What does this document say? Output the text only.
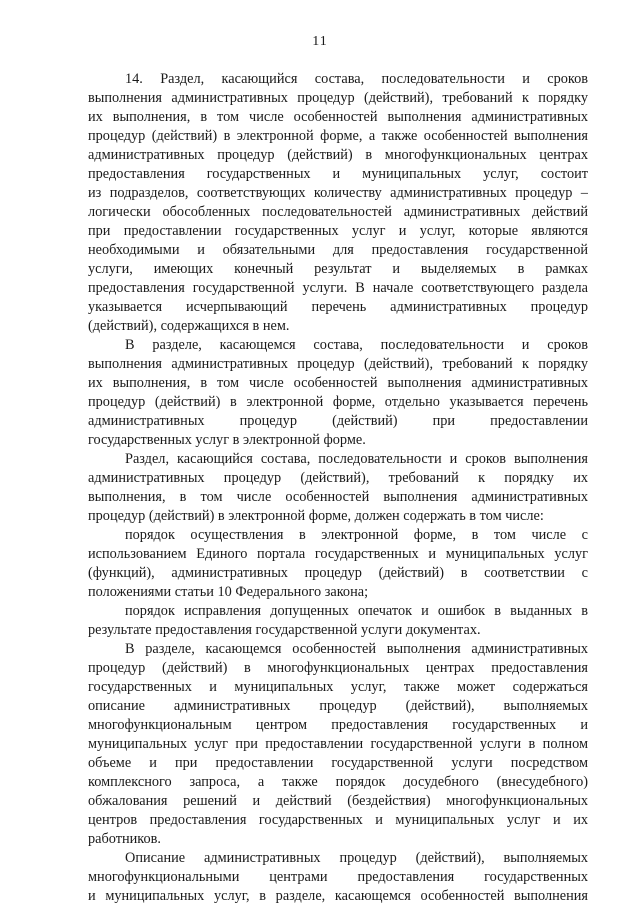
11
14. Раздел, касающийся состава, последовательности и сроков
выполнения административных процедур (действий), требований к порядку
их выполнения, в том числе особенностей выполнения административных
процедур (действий) в электронной форме, а также особенностей выполнения
административных процедур (действий) в многофункциональных центрах
предоставления государственных и муниципальных услуг, состоит
из подразделов, соответствующих количеству административных процедур –
логически обособленных последовательностей административных действий
при предоставлении государственных услуг и услуг, которые являются
необходимыми и обязательными для предоставления государственной
услуги, имеющих конечный результат и выделяемых в рамках
предоставления государственной услуги. В начале соответствующего раздела
указывается исчерпывающий перечень административных процедур
(действий), содержащихся в нем.
В разделе, касающемся состава, последовательности и сроков
выполнения административных процедур (действий), требований к порядку
их выполнения, в том числе особенностей выполнения административных
процедур (действий) в электронной форме, отдельно указывается перечень
административных процедур (действий) при предоставлении
государственных услуг в электронной форме.
Раздел, касающийся состава, последовательности и сроков выполнения
административных процедур (действий), требований к порядку их
выполнения, в том числе особенностей выполнения административных
процедур (действий) в электронной форме, должен содержать в том числе:
порядок осуществления в электронной форме, в том числе с
использованием Единого портала государственных и муниципальных услуг
(функций), административных процедур (действий) в соответствии с
положениями статьи 10 Федерального закона;
порядок исправления допущенных опечаток и ошибок в выданных в
результате предоставления государственной услуги документах.
В разделе, касающемся особенностей выполнения административных
процедур (действий) в многофункциональных центрах предоставления
государственных и муниципальных услуг, также может содержаться
описание административных процедур (действий), выполняемых
многофункциональным центром предоставления государственных и
муниципальных услуг при предоставлении государственной услуги в полном
объеме и при предоставлении государственной услуги посредством
комплексного запроса, а также порядок досудебного (внесудебного)
обжалования решений и действий (бездействия) многофункциональных
центров предоставления государственных и муниципальных услуг и их
работников.
Описание административных процедур (действий), выполняемых
многофункциональными центрами предоставления государственных
и муниципальных услуг, в разделе, касающемся особенностей выполнения
